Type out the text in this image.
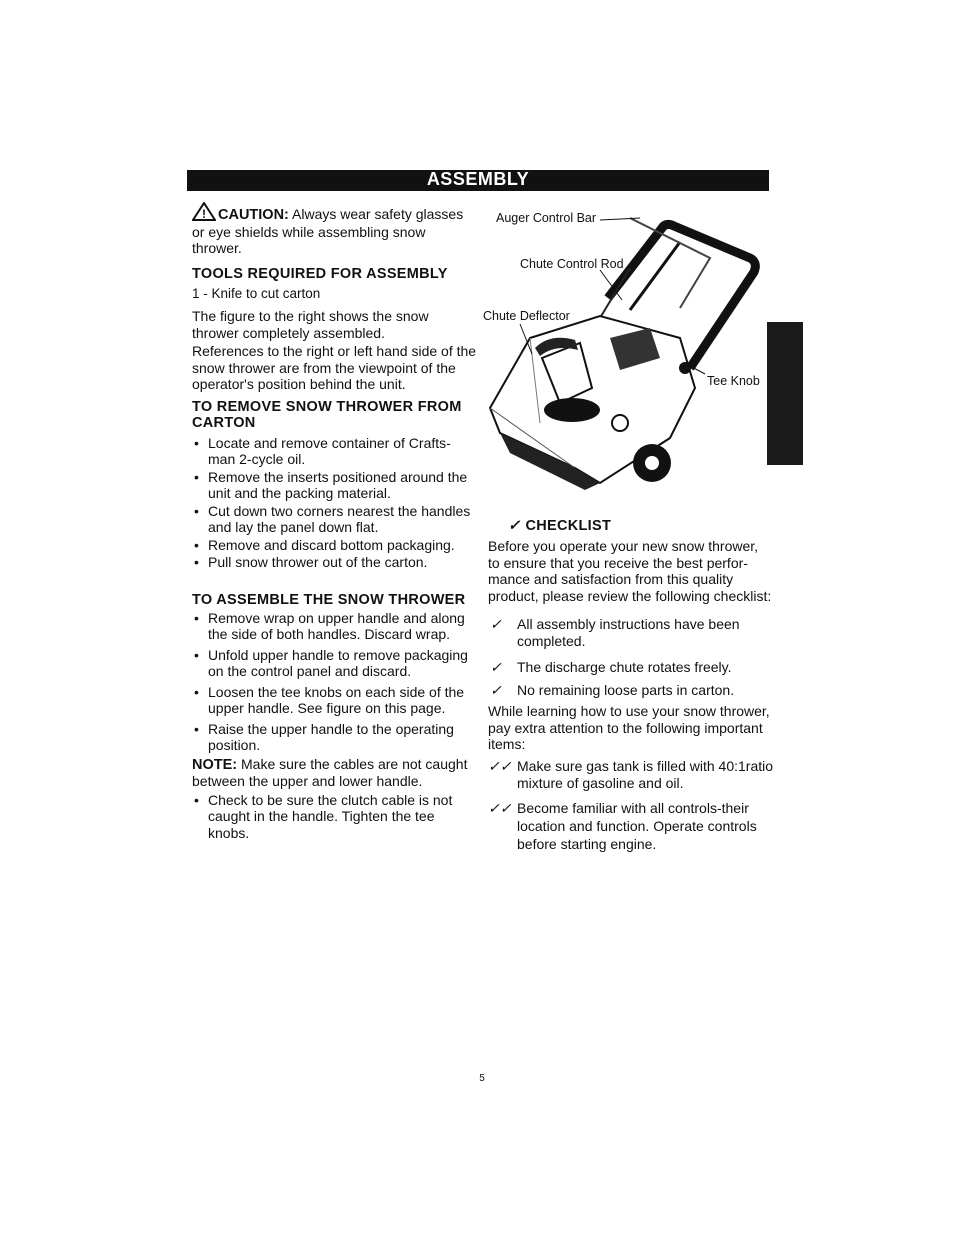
ASSEMBLY

! CAUTION: Always wear safety glasses or eye shields while assembling snow thrower.

TOOLS REQUIRED FOR ASSEMBLY

1 - Knife to cut carton

The figure to the right shows the snow thrower completely assembled.

References to the right or left hand side of the snow thrower are from the viewpoint of the operator's position behind the unit.

TO REMOVE SNOW THROWER FROM CARTON

• Locate and remove container of Crafts-man 2-cycle oil.
• Remove the inserts positioned around the unit and the packing material.
• Cut down two corners nearest the handles and lay the panel down flat.
• Remove and discard bottom packaging.
• Pull snow thrower out of the carton.

TO ASSEMBLE THE SNOW THROWER

• Remove wrap on upper handle and along the side of both handles. Discard wrap.
• Unfold upper handle to remove packaging on the control panel and discard.
• Loosen the tee knobs on each side of the upper handle. See figure on this page.
• Raise the upper handle to the operating position.

NOTE: Make sure the cables are not caught between the upper and lower handle.

• Check to be sure the clutch cable is not caught in the handle. Tighten the tee knobs.
Auger Control Bar
Chute Control Rod
Chute Deflector
Tee Knob

✓ CHECKLIST

Before you operate your new snow thrower, to ensure that you receive the best perfor-mance and satisfaction from this quality product, please review the following checklist:

✓ All assembly instructions have been completed.
✓ The discharge chute rotates freely.
✓ No remaining loose parts in carton.

While learning how to use your snow thrower, pay extra attention to the following important items:

✓✓ Make sure gas tank is filled with 40:1ratio mixture of gasoline and oil.
✓✓ Become familiar with all controls-their location and function. Operate controls before starting engine.
5
